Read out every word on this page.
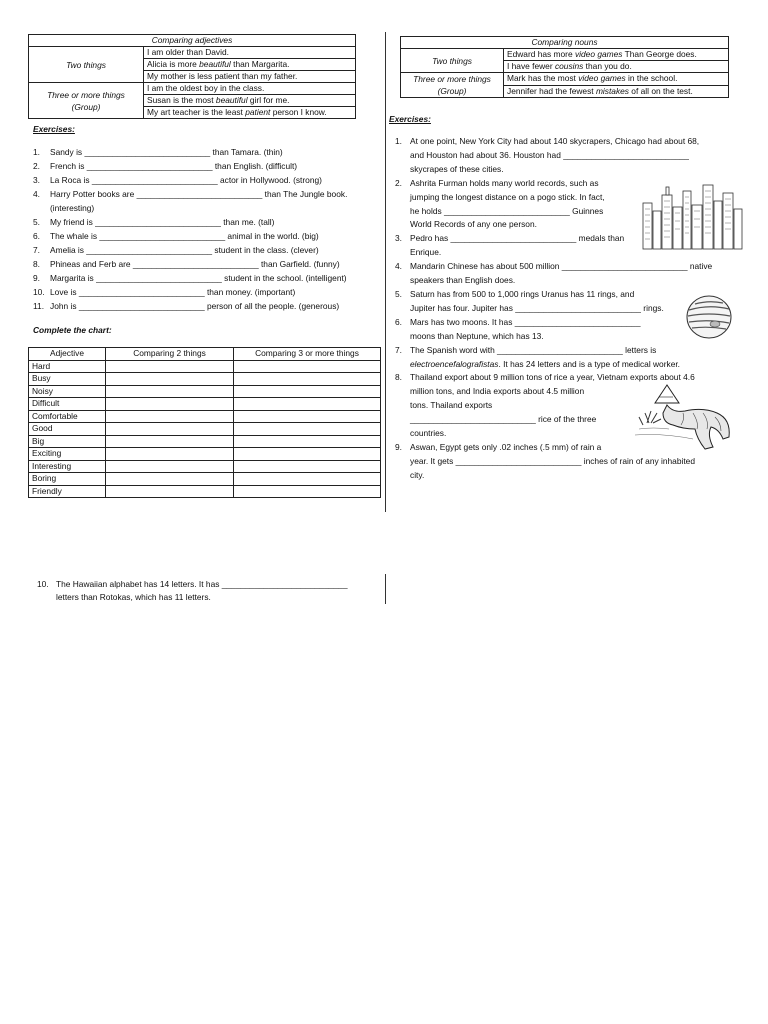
Comparing adjectives	
Two things	I am older than David.
	Alicia is more beautiful than Margarita.
	My mother is less patient than my father.
Three or more things (Group)	I am the oldest boy in the class.
	Susan is the most beautiful girl for me.
	My art teacher is the least patient person I know.
Exercises:
1. Sandy is ___________________________ than Tamara. (thin)
2. French is ___________________________ than English. (difficult)
3. La Roca is ___________________________ actor in Hollywood. (strong)
4. Harry Potter books are ___________________________ than The Jungle book.
(interesting)
5. My friend is ___________________________ than me. (tall)
6. The whale is ___________________________ animal in the world. (big)
7. Amelia is ___________________________ student in the class. (clever)
8. Phineas and Ferb are ___________________________ than Garfield. (funny)
9. Margarita is ___________________________ student in the school. (intelligent)
10. Love is ___________________________ than money. (important)
11. John is ___________________________ person of all the people. (generous)
Complete the chart:
Adjective	Comparing 2 things	Comparing 3 or more things
Hard		
Busy		
Noisy		
Difficult		
Comfortable		
Good		
Big		
Exciting		
Interesting		
Boring		
Friendly		
10. The Hawaiian alphabet has 14 letters. It has ___________________________
letters than Rotokas, which has 11 letters.
Comparing nouns	
Two things	Edward has more video games Than George does.
	I have fewer cousins than you do.
Three or more things (Group)	Mark has the most video games in the school.
	Jennifer had the fewest mistakes of all on the test.
Exercises:
1. At one point, New York City had about 140 skycrapers, Chicago had about 68,
and Houston had about 36. Houston had ___________________________
skycrapes of these cities.
2. Ashrita Furman holds many world records, such as
jumping the longest distance on a pogo stick. In fact,
he holds ___________________________ Guinnes
World Records of any one person.
3. Pedro has ___________________________ medals than
Enrique.
4. Mandarin Chinese has about 500 million ___________________________ native
speakers than English does.
5. Saturn has from 500 to 1,000 rings Uranus has 11 rings, and
Jupiter has four. Jupiter has ___________________________ rings.
6. Mars has two moons. It has ___________________________
moons than Neptune, which has 13.
7. The Spanish word with ___________________________ letters is
electroencefalografistas. It has 24 letters and is a type of medical worker.
8. Thailand export about 9 million tons of rice a year, Vietnam exports about 4.6
million tons, and India exports about 4.5 million
tons. Thailand exports
___________________________ rice of the three
countries.
9. Aswan, Egypt gets only .02 inches (.5 mm) of rain a
year. It gets ___________________________ inches of rain of any inhabited
city.
